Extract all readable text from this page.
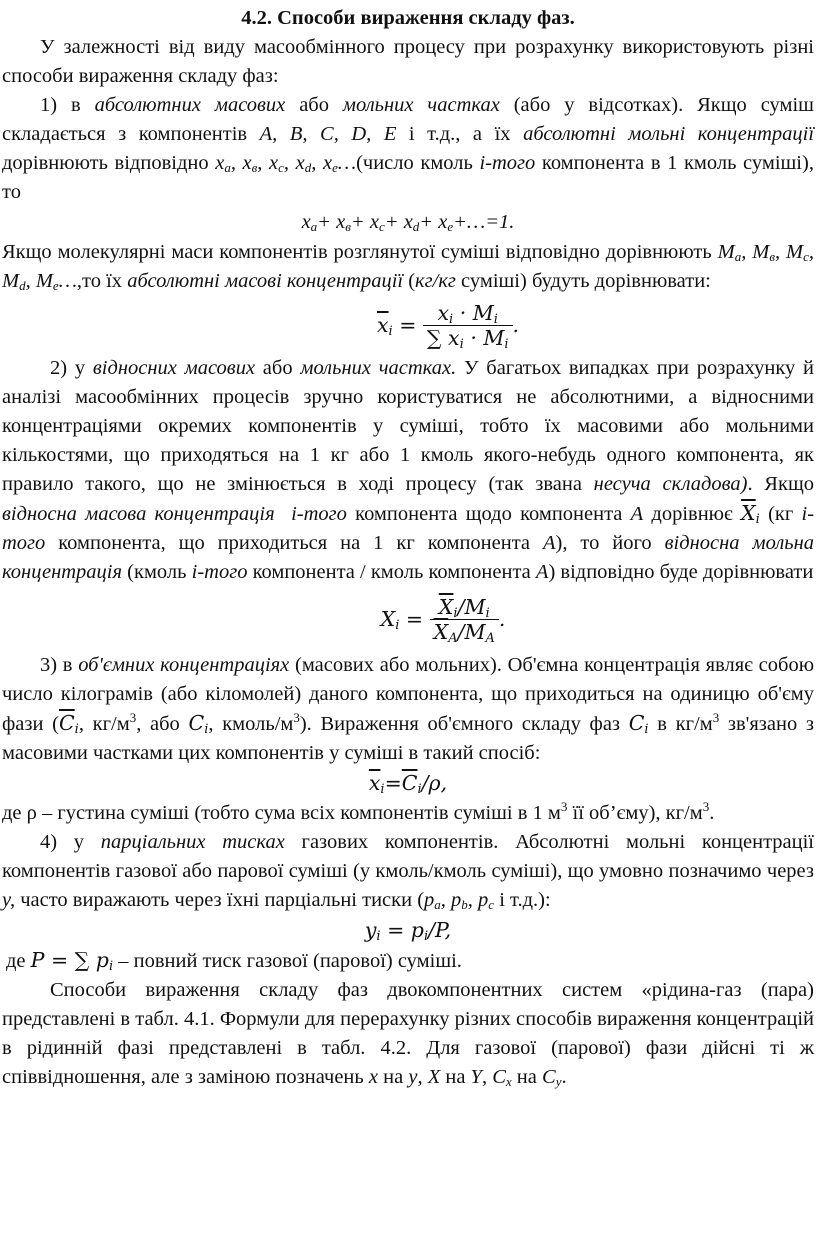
4.2. Способи вираження складу фаз.

У залежності від виду масообмінного процесу при розрахунку використовують різні способи вираження складу фаз:

1) в абсолютних масових або мольних частках (або у відсотках). Якщо суміш складається з компонентів A, B, C, D, E і т.д., а їх абсолютні мольні концентрації дорівнюють відповідно $x_a$, $x_в$, $x_c$, $x_d$, $x_e\dots(число$ кмоль і-того компонента в 1 кмоль суміші), то

$x_a+ x_в+ x_c+ x_d+$ $x_e+\dots=1$.

Якщо молекулярні маси компонентів розглянутої суміші відповідно дорівнюють $M_a$, $M_в$, $M_c$, $M_d$, $M_e\dots,то$ їх абсолютні масові концентрації (кг/кг суміші) будуть дорівнювати:

$\overline{x}_i = \frac{x_i \cdot M_i}{\sum x_i \cdot M_i}$ .

2) у відносних масових або мольних частках. У багатьох випадках при розрахунку й аналізі масообмінних процесів зручно користуватися не абсолютними, а відносними концентраціями окремих компонентів у суміші, тобто їх масовими або мольними кількостями, що приходяться на 1 кг або 1 кмоль якого-небудь одного компонента, як правило такого, що не змінюється в ході процесу (так звана несуча складова). Якщо відносна масова концентрація і-того компонента щодо компонента A дорівнює $\overline{X}_i$ (кг і-того компонента, що приходиться на 1 кг компонента A), то його відносна мольна концентрація (кмоль і-того компонента / кмоль компонента A) відповідно буде дорівнювати

$X_i = \frac{\overline{X}_i/M_i}{\overline{X}_A/M_A}$ .

3) в об'ємних концентраціях (масових або мольних). Об'ємна концентрація являє собою число кілограмів (або кіломолей) даного компонента, що приходиться на одиницю об'єму фази ($\overline{C}_i$, $кг/м^3$, або $C_i$, кмоль/$м^3$). Вираження об'ємного складу фаз $C_i$ в $кг/м^3$ зв'язано з масовими частками цих компонентів у суміші в такий спосіб:

$\overline{x}_i=\overline{C}_i/\rho$,

де ρ – густина суміші (тобто сума всіх компонентів суміші в 1 $м^3$ її об’єму), $кг/м^3$.

4) у парціальних тисках газових компонентів. Абсолютні мольні концентрації компонентів газової або парової суміші (у кмоль/кмоль суміші), що умовно позначимо через y, часто виражають через їхні парціальні тиски ($p_a$, $p_b$, $p_c$ і т.д.):

$y_i = p_i/P$,

де P = ∑ $p_i$ – повний тиск газової (парової) суміші.

Способи вираження складу фаз двокомпонентних систем «рідина-газ (пара) представлені в табл. 4.1. Формули для перерахунку різних способів вираження концентрацій в рідинній фазі представлені в табл. 4.2. Для газової (парової) фази дійсні ті ж співвідношення, але з заміною позначень x на y, X на Y, $C_x$ на $C_y$.
